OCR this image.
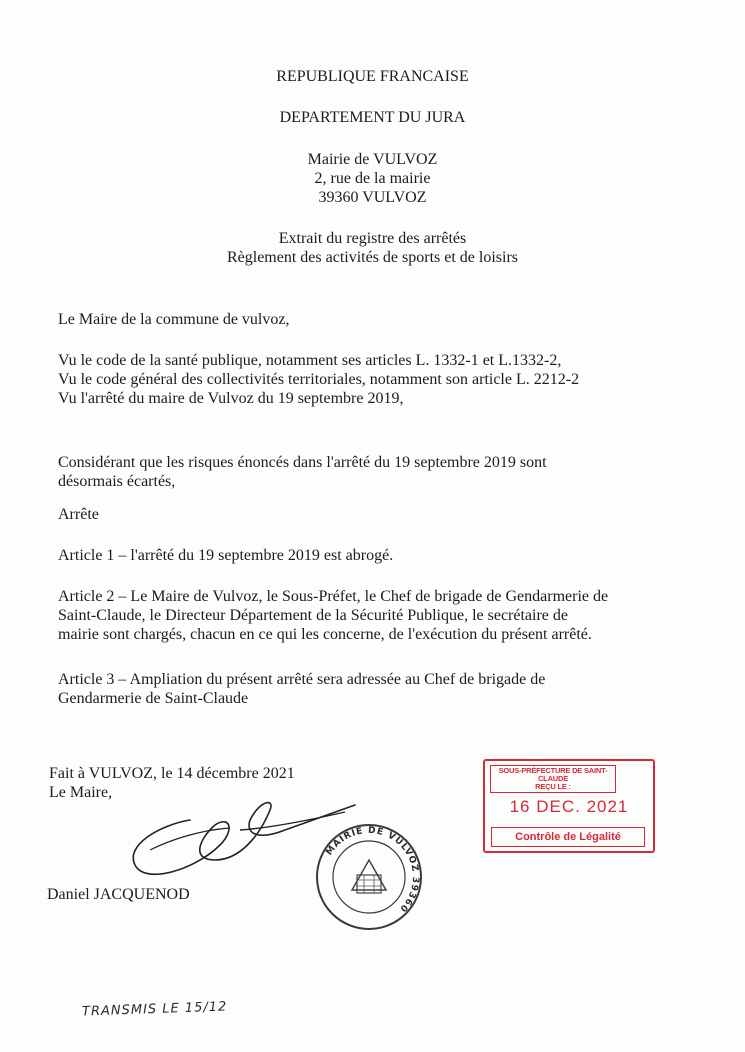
REPUBLIQUE FRANCAISE
DEPARTEMENT DU JURA
Mairie de VULVOZ
2, rue de la mairie
39360 VULVOZ
Extrait du registre des arrêtés
Règlement des activités de sports et de loisirs
Le Maire de la commune de vulvoz,
Vu le code de la santé publique, notamment ses articles L. 1332-1 et L.1332-2,
Vu le code général des collectivités territoriales, notamment son article L. 2212-2
Vu l'arrêté du maire de Vulvoz du 19 septembre 2019,
Considérant que les risques énoncés dans l'arrêté du 19 septembre 2019 sont
désormais écartés,
Arrête
Article 1 – l'arrêté du 19 septembre 2019 est abrogé.
Article 2 – Le Maire de Vulvoz, le Sous-Préfet, le Chef de brigade de Gendarmerie de
Saint-Claude, le Directeur Département de la Sécurité Publique, le secrétaire de
mairie sont chargés, chacun en ce qui les concerne, de l'exécution du présent arrêté.
Article 3 – Ampliation du présent arrêté sera adressée au Chef de brigade de
Gendarmerie de Saint-Claude
Fait à VULVOZ, le 14 décembre 2021
Le Maire,
Daniel JACQUENOD
MAIRIE DE VULVOZ 39360
SOUS-PRÉFECTURE DE SAINT-CLAUDE
REÇU LE :
16 DEC. 2021
Contrôle de Légalité
TRANSMIS LE 15/12
